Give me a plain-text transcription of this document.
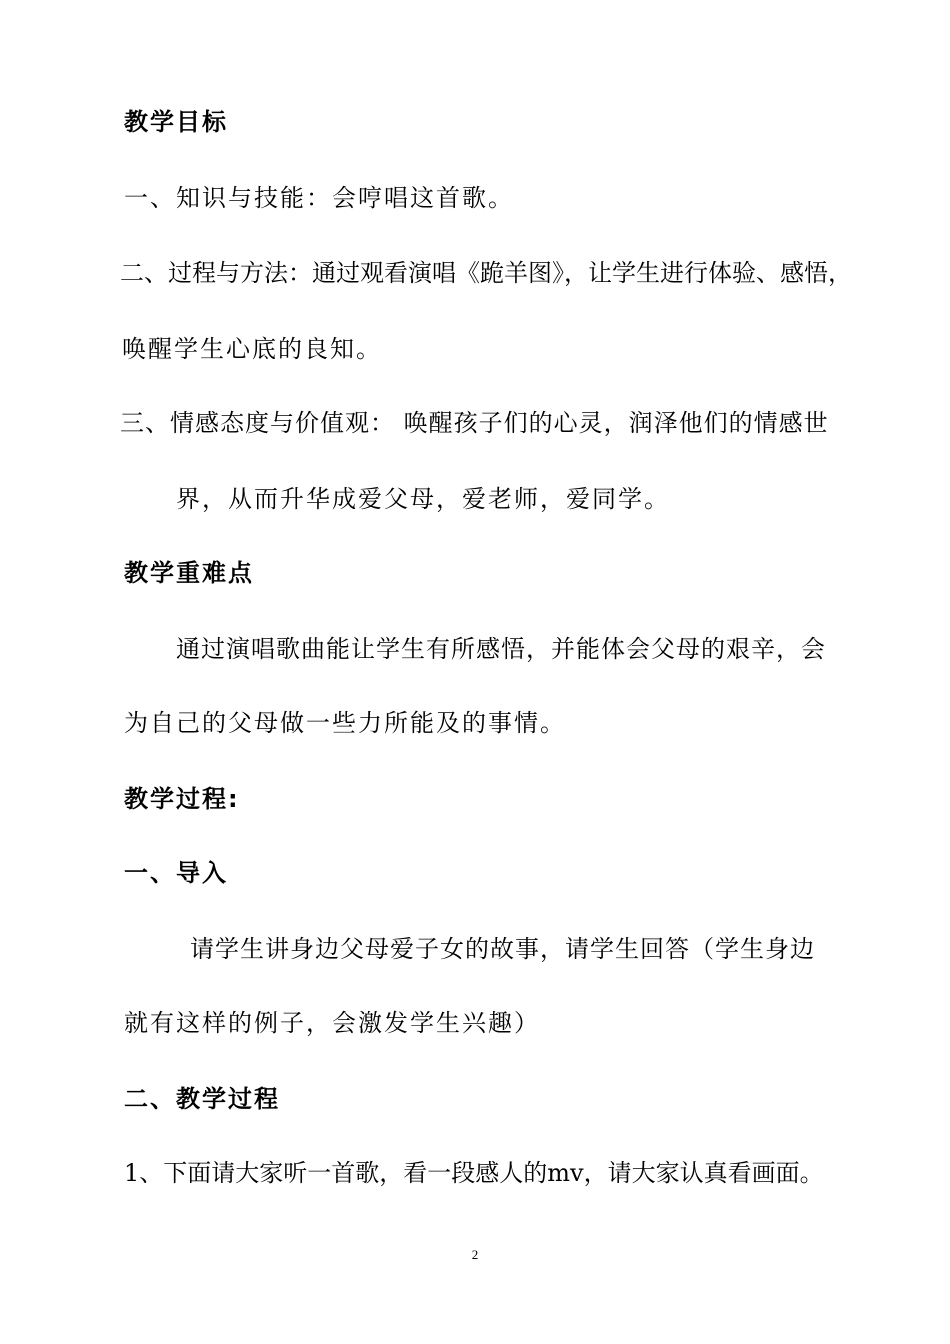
教学目标
一、知识与技能：会哼唱这首歌。
二、过程与方法：通过观看演唱《跪羊图》，让学生进行体验、感悟，
唤醒学生心底的良知。
三、情感态度与价值观： 唤醒孩子们的心灵，润泽他们的情感世
界，从而升华成爱父母，爱老师，爱同学。
教学重难点
通过演唱歌曲能让学生有所感悟，并能体会父母的艰辛，会
为自己的父母做一些力所能及的事情。
教学过程:
一、导入
请学生讲身边父母爱子女的故事，请学生回答（学生身边
就有这样的例子，会激发学生兴趣）
二、教学过程
1、下面请大家听一首歌，看一段感人的mv，请大家认真看画面。
2
